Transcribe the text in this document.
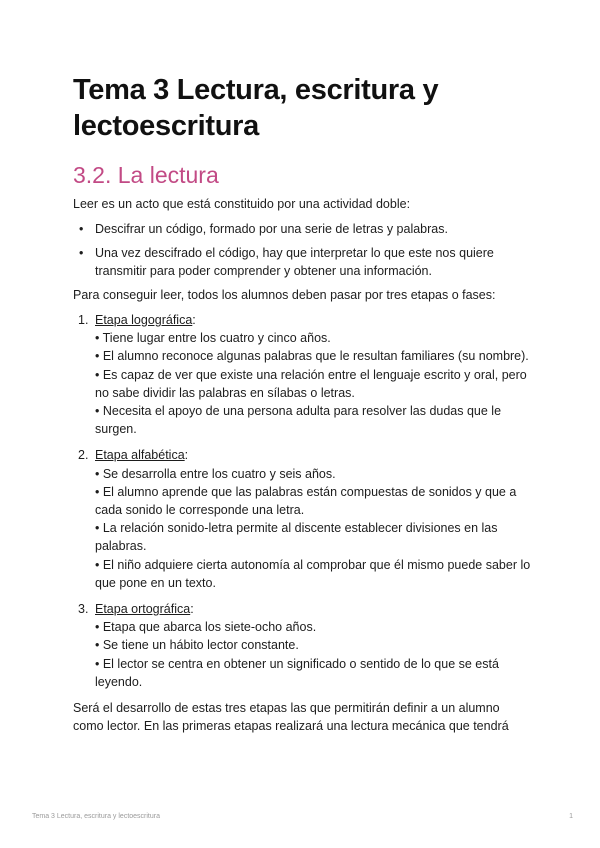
Tema 3 Lectura, escritura y lectoescritura
3.2. La lectura

Leer es un acto que está constituido por una actividad doble:

• Descifrar un código, formado por una serie de letras y palabras.
• Una vez descifrado el código, hay que interpretar lo que este nos quiere transmitir para poder comprender y obtener una información.

Para conseguir leer, todos los alumnos deben pasar por tres etapas o fases:

1. Etapa logográfica:
• Tiene lugar entre los cuatro y cinco años.
• El alumno reconoce algunas palabras que le resultan familiares (su nombre).
• Es capaz de ver que existe una relación entre el lenguaje escrito y oral, pero no sabe dividir las palabras en sílabas o letras.
• Necesita el apoyo de una persona adulta para resolver las dudas que le surgen.
2. Etapa alfabética:
• Se desarrolla entre los cuatro y seis años.
• El alumno aprende que las palabras están compuestas de sonidos y que a cada sonido le corresponde una letra.
• La relación sonido-letra permite al discente establecer divisiones en las palabras.
• El niño adquiere cierta autonomía al comprobar que él mismo puede saber lo que pone en un texto.
3. Etapa ortográfica:
• Etapa que abarca los siete-ocho años.
• Se tiene un hábito lector constante.
• El lector se centra en obtener un significado o sentido de lo que se está leyendo.

Será el desarrollo de estas tres etapas las que permitirán definir a un alumno como lector. En las primeras etapas realizará una lectura mecánica que tendrá

Tema 3 Lectura, escritura y lectoescritura	1
